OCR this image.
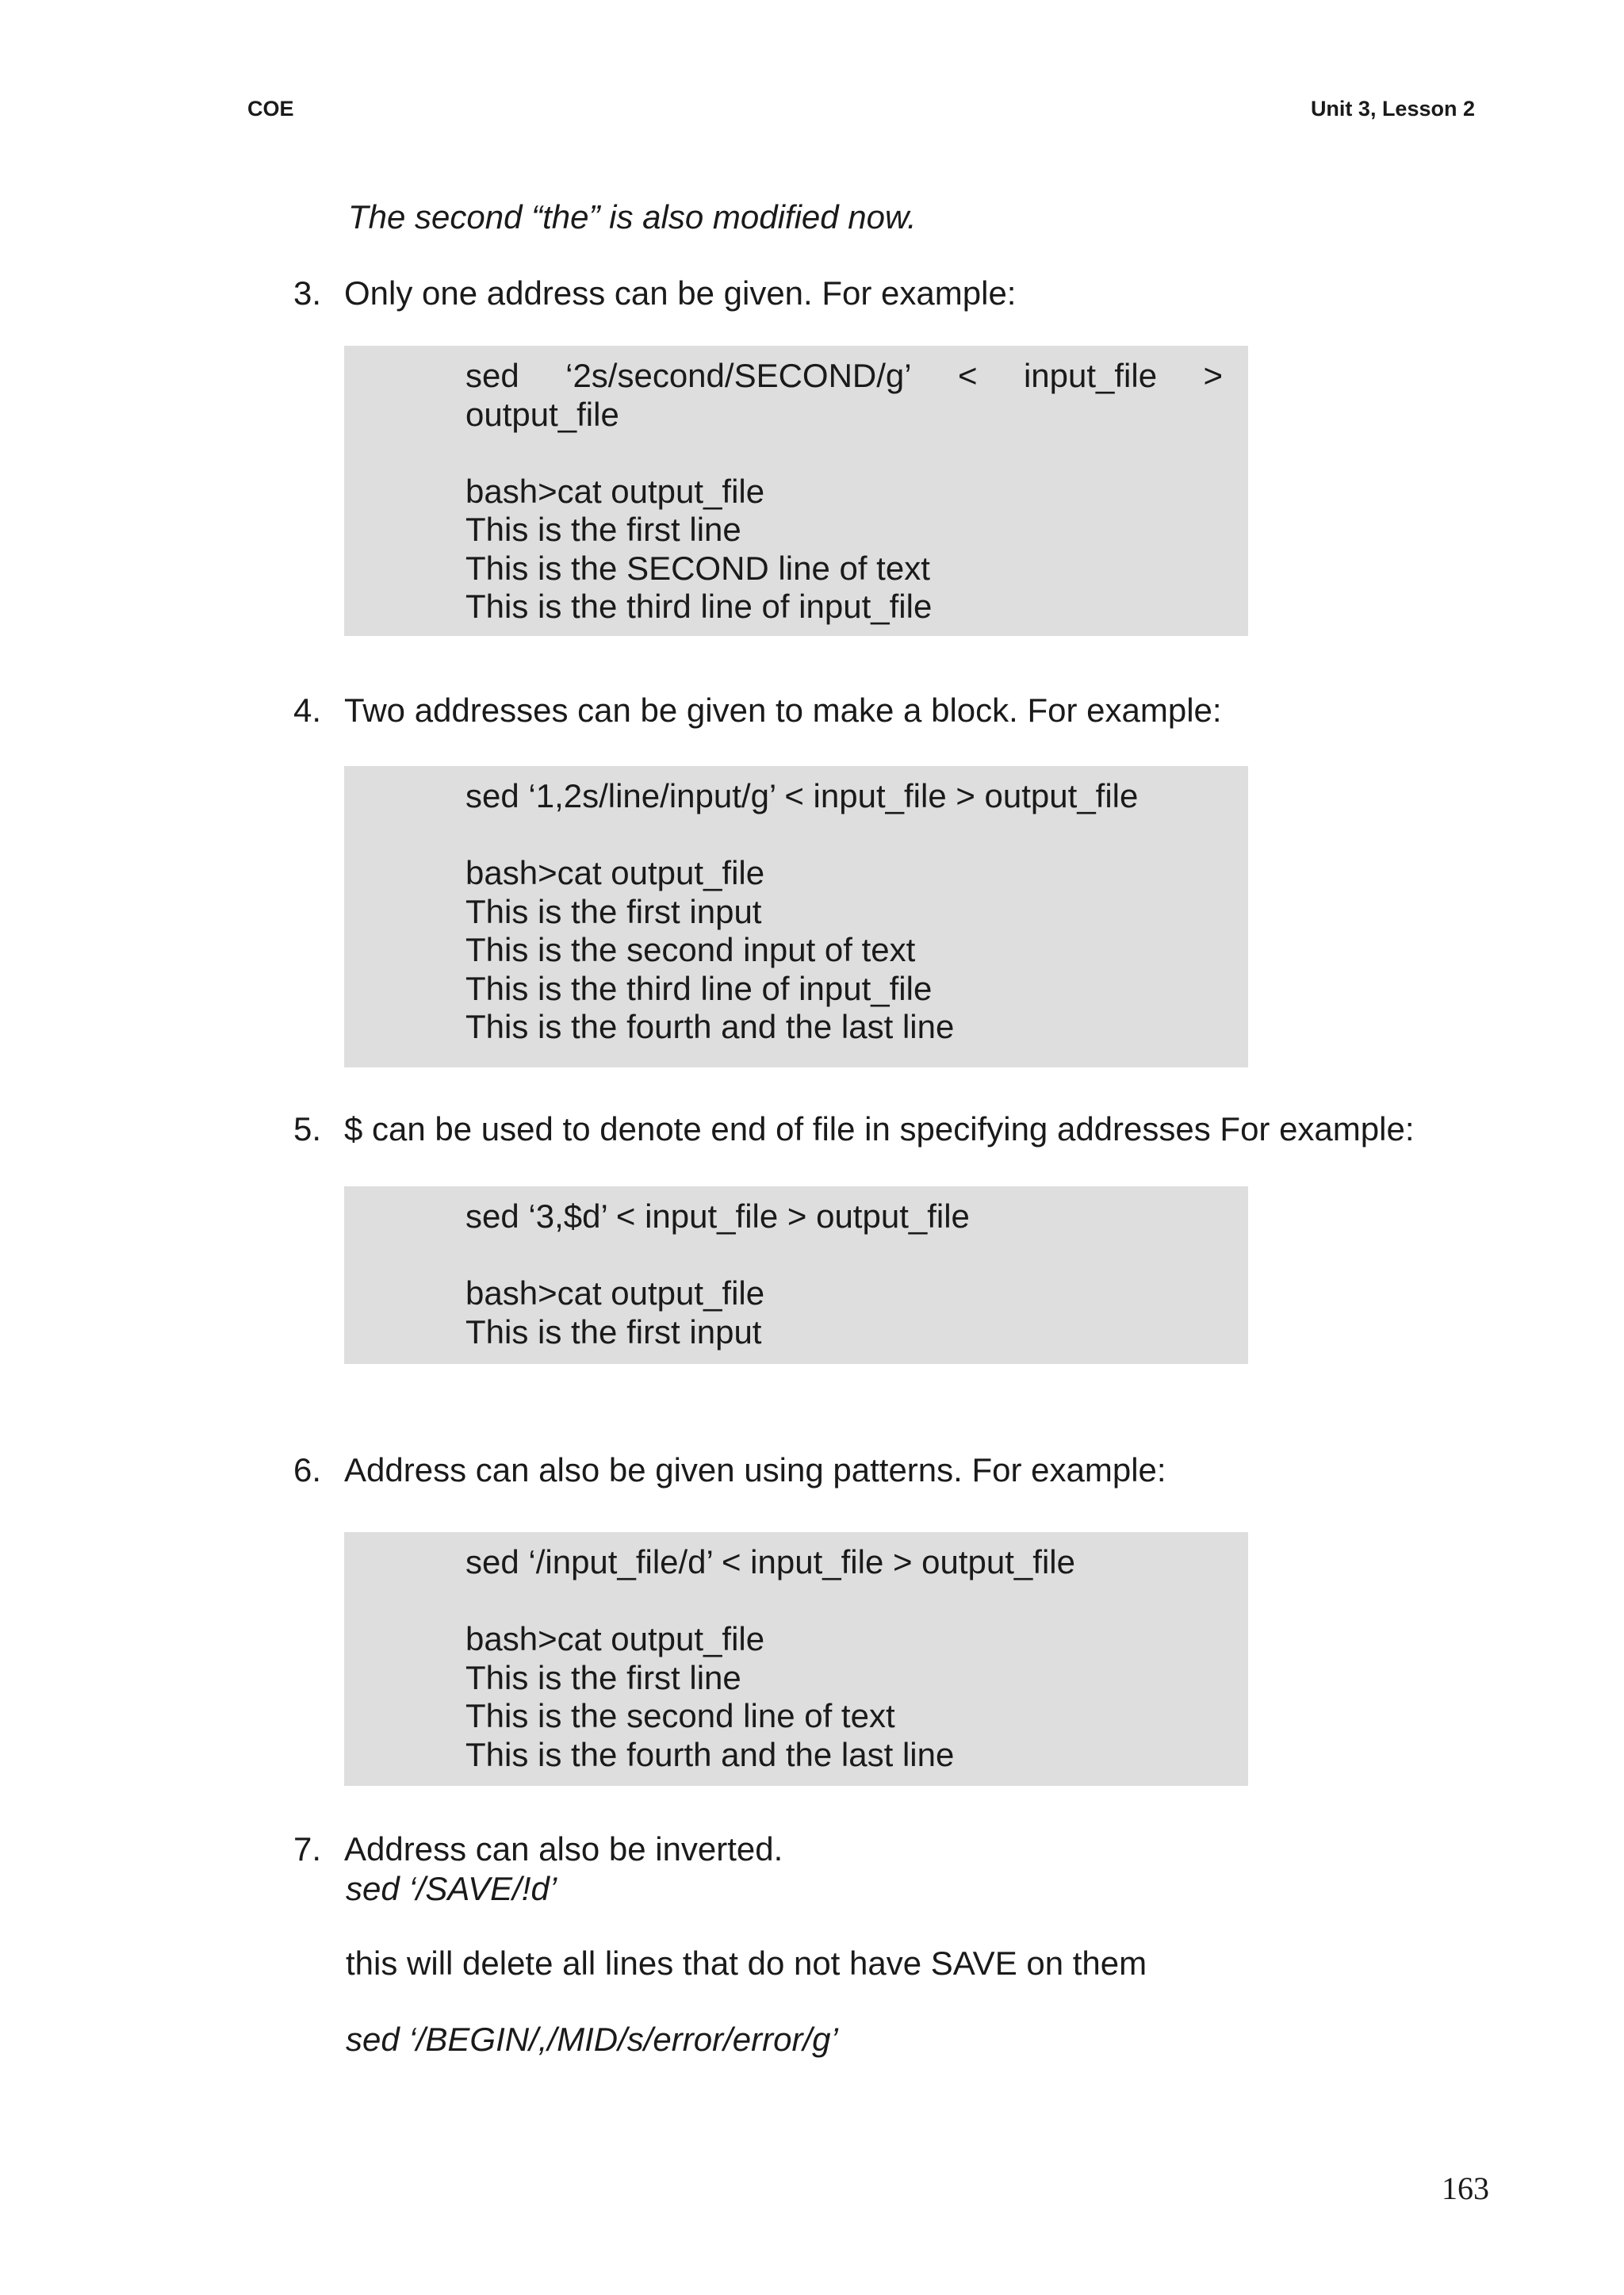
COE	Unit 3, Lesson 2
The second “the” is also modified now.
3. Only one address can be given. For example:
sed ‘2s/second/SECOND/g’ < input_file >
output_file
bash>cat output_file
This is the first line
This is the SECOND line of text
This is the third line of input_file
4. Two addresses can be given to make a block. For example:
sed ‘1,2s/line/input/g’ < input_file > output_file
bash>cat output_file
This is the first input
This is the second input of text
This is the third line of input_file
This is the fourth and the last line
5. $ can be used to denote end of file in specifying addresses For example:
sed ‘3,$d’ < input_file > output_file
bash>cat output_file
This is the first input
6. Address can also be given using patterns. For example:
sed ‘/input_file/d’ < input_file > output_file
bash>cat output_file
This is the first line
This is the second line of text
This is the fourth and the last line
7. Address can also be inverted.
sed ‘/SAVE/!d’
this will delete all lines that do not have SAVE on them
sed ‘/BEGIN/,/MID/s/error/error/g’
163
